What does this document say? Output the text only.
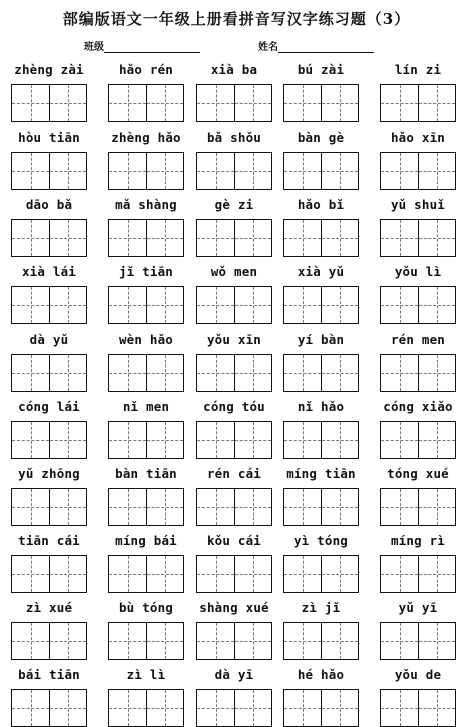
部编版语文一年级上册看拼音写汉字练习题（3）
班级	姓名
zhèng zài	hǎo rén	xià ba	bú zài	lín zi
hòu tiān	zhèng hǎo	bǎ shǒu	bàn gè	hǎo xīn
dāo bǎ	mǎ shàng	gè zi	hǎo bǐ	yǔ shuǐ
xià lái	jǐ tiān	wǒ men	xià yǔ	yǒu lì
dà yǔ	wèn hǎo	yǒu xīn	yí bàn	rén men
cóng lái	nǐ men	cóng tóu	nǐ hǎo	cóng xiǎo
yǔ zhōng	bàn tiān	rén cái	míng tiān	tóng xué
tiān cái	míng bái	kǒu cái	yì tóng	míng rì
zì xué	bù tóng	shàng xué	zì jǐ	yǔ yī
bái tiān	zì lì	dà yī	hé hǎo	yǒu de
